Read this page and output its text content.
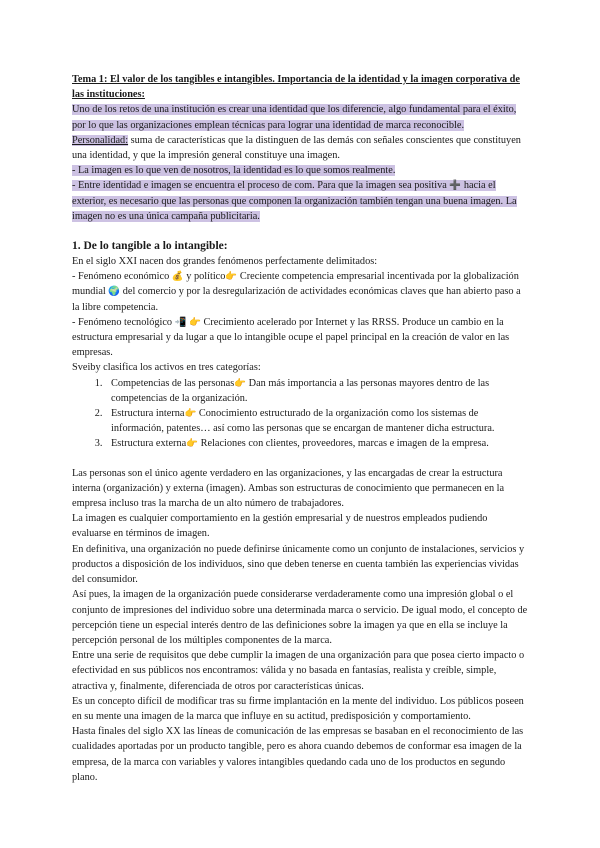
Tema 1: El valor de los tangibles e intangibles. Importancia de la identidad y la imagen corporativa de las instituciones:

Uno de los retos de una institución es crear una identidad que los diferencie, algo fundamental para el éxito, por lo que las organizaciones emplean técnicas para lograr una identidad de marca reconocible.

Personalidad: suma de características que la distinguen de las demás con señales conscientes que constituyen una identidad, y que la impresión general constituye una imagen.

- La imagen es lo que ven de nosotros, la identidad es lo que somos realmente.

- Entre identidad e imagen se encuentra el proceso de com. Para que la imagen sea positiva ➕ hacia el exterior, es necesario que las personas que componen la organización también tengan una buena imagen. La imagen no es una única campaña publicitaria.

1. De lo tangible a lo intangible:

En el siglo XXI nacen dos grandes fenómenos perfectamente delimitados:

- Fenómeno económico 💰 y político👉 Creciente competencia empresarial incentivada por la globalización mundial 🌍 del comercio y por la desregularización de actividades económicas claves que han abierto paso a la libre competencia.

- Fenómeno tecnológico 📲 👉 Crecimiento acelerado por Internet y las RRSS. Produce un cambio en la estructura empresarial y da lugar a que lo intangible ocupe el papel principal en la creación de valor en las empresas.

Sveiby clasifica los activos en tres categorías:

1. Competencias de las personas👉 Dan más importancia a las personas mayores dentro de las competencias de la organización.
2. Estructura interna👉 Conocimiento estructurado de la organización como los sistemas de información, patentes… así como las personas que se encargan de mantener dicha estructura.
3. Estructura externa👉 Relaciones con clientes, proveedores, marcas e imagen de la empresa.

Las personas son el único agente verdadero en las organizaciones, y las encargadas de crear la estructura interna (organización) y externa (imagen). Ambas son estructuras de conocimiento que permanecen en la empresa incluso tras la marcha de un alto número de trabajadores.

La imagen es cualquier comportamiento en la gestión empresarial y de nuestros empleados pudiendo evaluarse en términos de imagen.

En definitiva, una organización no puede definirse únicamente como un conjunto de instalaciones, servicios y productos a disposición de los individuos, sino que deben tenerse en cuenta también las experiencias vividas del consumidor.

Así pues, la imagen de la organización puede considerarse verdaderamente como una impresión global o el conjunto de impresiones del individuo sobre una determinada marca o servicio. De igual modo, el concepto de percepción tiene un especial interés dentro de las definiciones sobre la imagen ya que en ella se incluye la percepción personal de los múltiples componentes de la marca.

Entre una serie de requisitos que debe cumplir la imagen de una organización para que posea cierto impacto o efectividad en sus públicos nos encontramos: válida y no basada en fantasías, realista y creíble, simple, atractiva y, finalmente, diferenciada de otros por características únicas.

Es un concepto difícil de modificar tras su firme implantación en la mente del individuo. Los públicos poseen en su mente una imagen de la marca que influye en su actitud, predisposición y comportamiento.

Hasta finales del siglo XX las líneas de comunicación de las empresas se basaban en el reconocimiento de las cualidades aportadas por un producto tangible, pero es ahora cuando debemos de conformar esa imagen de la empresa, de la marca con variables y valores intangibles quedando cada uno de los productos en segundo plano.
